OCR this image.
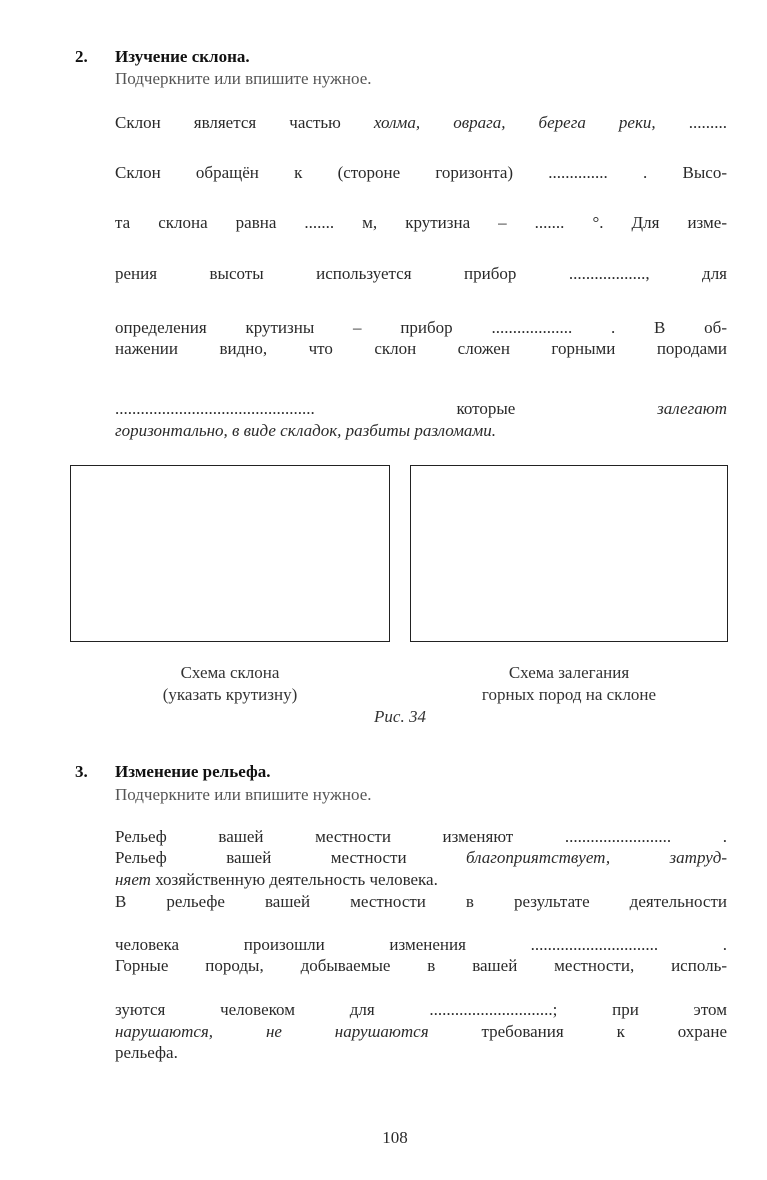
2. Изучение склона.
Подчеркните или впишите нужное.
Склон является частью холма, оврага, берега реки, .........
Склон обращён к (стороне горизонта) .............. . Высо-
та склона равна ....... м, крутизна – ....... °. Для изме-
рения высоты используется прибор .................., для
определения крутизны – прибор ................... . В об-
нажении видно, что склон сложен горными породами
............................................... которые залегают
горизонтально, в виде складок, разбиты разломами.
Схема склона
(указать крутизну)
Схема залегания
горных пород на склоне
Рис. 34
3. Изменение рельефа.
Подчеркните или впишите нужное.
Рельеф вашей местности изменяют ......................... .
Рельеф вашей местности благоприятствует, затруд-
няет хозяйственную деятельность человека.
В рельефе вашей местности в результате деятельности
человека произошли изменения .............................. .
Горные породы, добываемые в вашей местности, исполь-
зуются человеком для .............................; при этом
нарушаются, не нарушаются требования к охране
рельефа.
108
